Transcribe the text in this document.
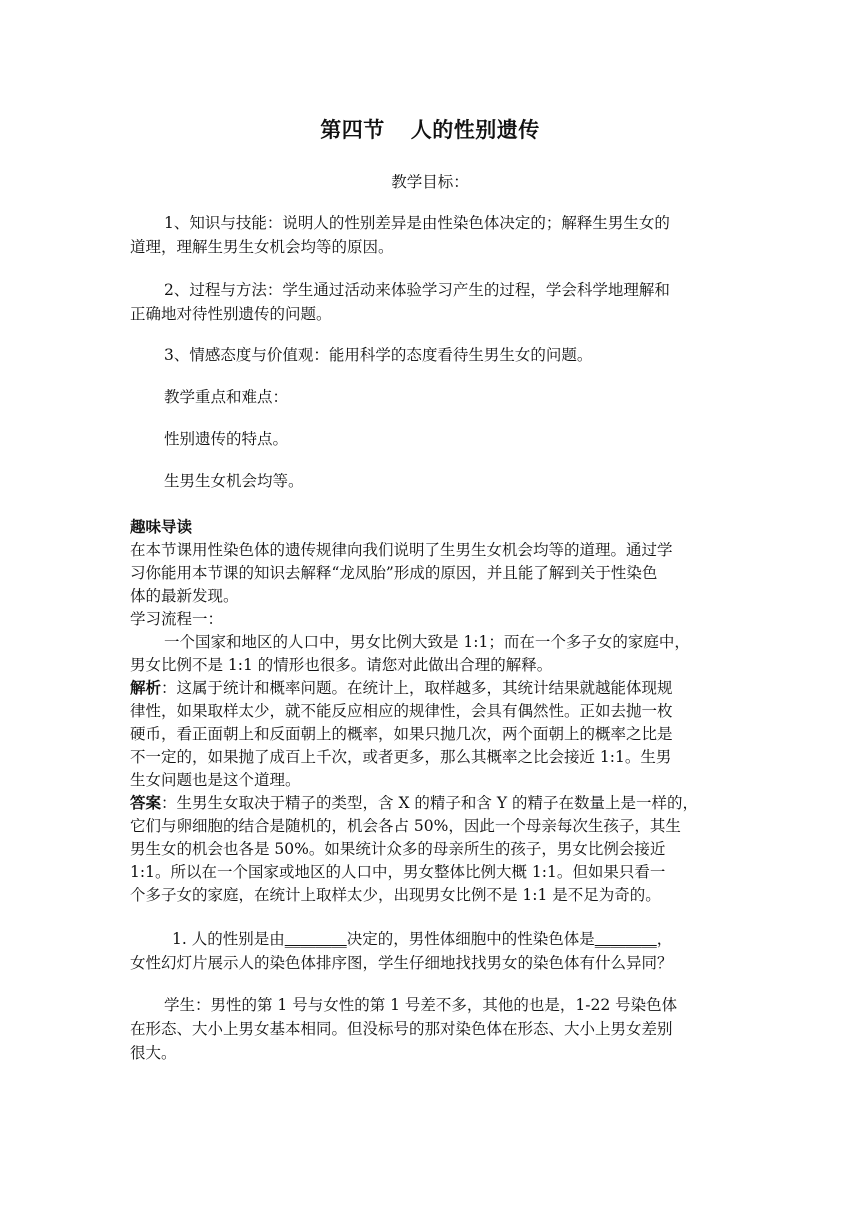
第四节 人的性别遗传
教学目标：
1、知识与技能：说明人的性别差异是由性染色体决定的；解释生男生女的
道理，理解生男生女机会均等的原因。
2、过程与方法：学生通过活动来体验学习产生的过程，学会科学地理解和
正确地对待性别遗传的问题。
3、情感态度与价值观：能用科学的态度看待生男生女的问题。
教学重点和难点：
性别遗传的特点。
生男生女机会均等。
趣味导读
在本节课用性染色体的遗传规律向我们说明了生男生女机会均等的道理。通过学
习你能用本节课的知识去解释“龙凤胎”形成的原因，并且能了解到关于性染色
体的最新发现。
学习流程一：
一个国家和地区的人口中，男女比例大致是 1:1；而在一个多子女的家庭中，
男女比例不是 1:1 的情形也很多。请您对此做出合理的解释。
解析：这属于统计和概率问题。在统计上，取样越多，其统计结果就越能体现规
律性，如果取样太少，就不能反应相应的规律性，会具有偶然性。正如去抛一枚
硬币，看正面朝上和反面朝上的概率，如果只抛几次，两个面朝上的概率之比是
不一定的，如果抛了成百上千次，或者更多，那么其概率之比会接近 1:1。生男
生女问题也是这个道理。
答案：生男生女取决于精子的类型，含 X 的精子和含 Y 的精子在数量上是一样的，
它们与卵细胞的结合是随机的，机会各占 50%，因此一个母亲每次生孩子，其生
男生女的机会也各是 50%。如果统计众多的母亲所生的孩子，男女比例会接近
1:1。所以在一个国家或地区的人口中，男女整体比例大概 1:1。但如果只看一
个多子女的家庭，在统计上取样太少，出现男女比例不是 1:1 是不足为奇的。
1. 人的性别是由________决定的，男性体细胞中的性染色体是________，
女性幻灯片展示人的染色体排序图，学生仔细地找找男女的染色体有什么异同？
学生：男性的第 1 号与女性的第 1 号差不多，其他的也是，1-22 号染色体
在形态、大小上男女基本相同。但没标号的那对染色体在形态、大小上男女差别
很大。
